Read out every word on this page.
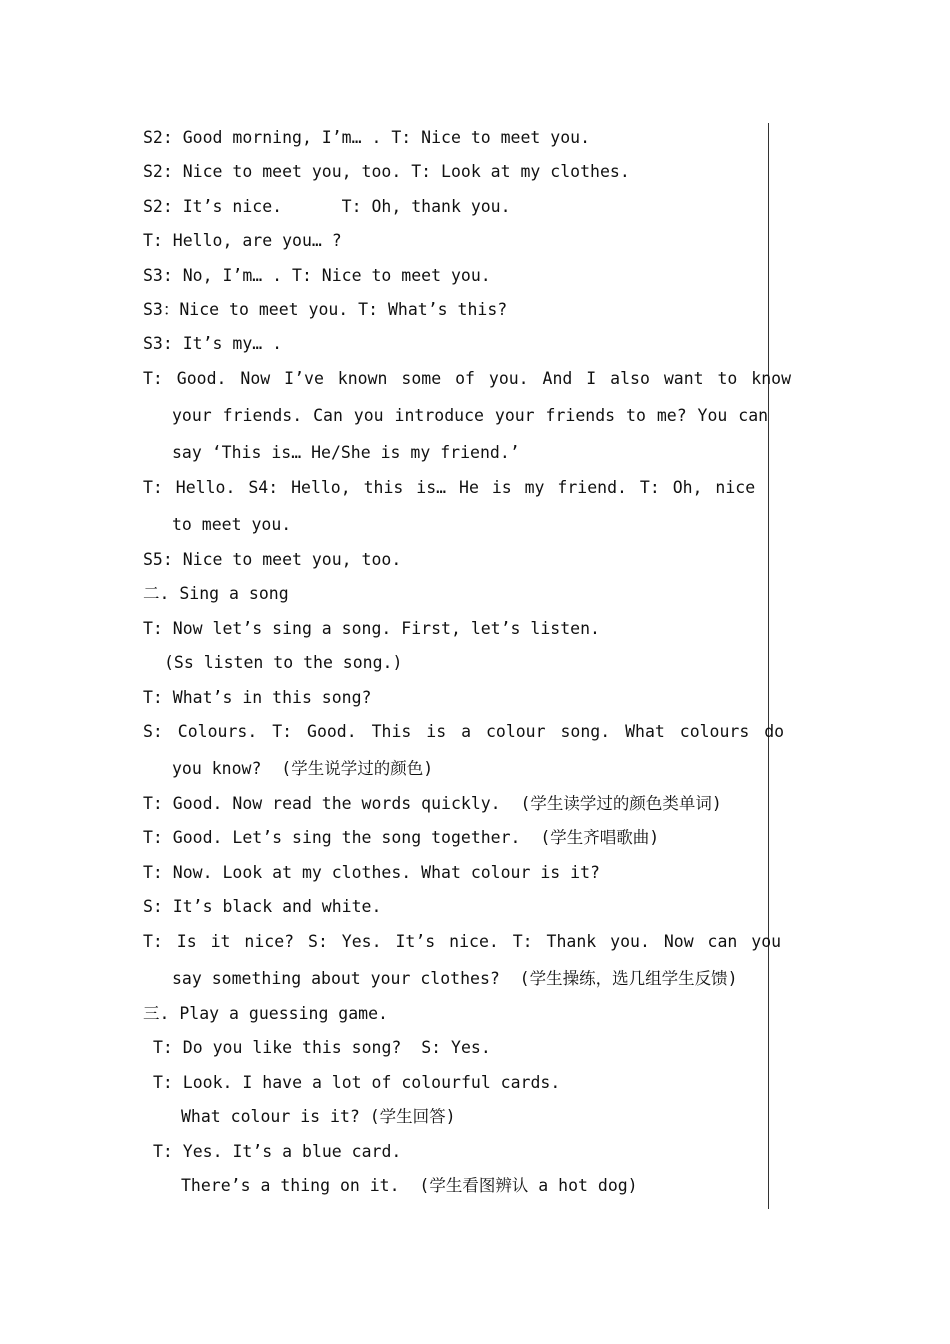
S2: Good morning, I’m… . T: Nice to meet you.
S2: Nice to meet you, too. T: Look at my clothes.
S2: It’s nice.      T: Oh, thank you.
T: Hello, are you… ?
S3: No, I’m… . T: Nice to meet you.
S3：Nice to meet you. T: What’s this?
S3: It’s my… .
T: Good. Now I’ve known some of you. And I also want to know
your friends. Can you introduce your friends to me? You can
say ‘This is… He/She is my friend.’
T: Hello. S4: Hello, this is… He is my friend. T: Oh, nice
to meet you.
S5: Nice to meet you, too.
二. Sing a song
T: Now let’s sing a song. First, let’s listen.
(Ss listen to the song.)
T: What’s in this song?
S: Colours. T: Good. This is a colour song. What colours do
you know?  (学生说学过的颜色)
T: Good. Now read the words quickly.  (学生读学过的颜色类单词)
T: Good. Let’s sing the song together.  (学生齐唱歌曲)
T: Now. Look at my clothes. What colour is it?
S: It’s black and white.
T: Is it nice? S: Yes. It’s nice. T: Thank you. Now can you
say something about your clothes?  (学生操练，选几组学生反馈)
三. Play a guessing game.
T: Do you like this song?  S: Yes.
T: Look. I have a lot of colourful cards.
What colour is it? (学生回答)
T: Yes. It’s a blue card.
There’s a thing on it.  (学生看图辨认 a hot dog)
